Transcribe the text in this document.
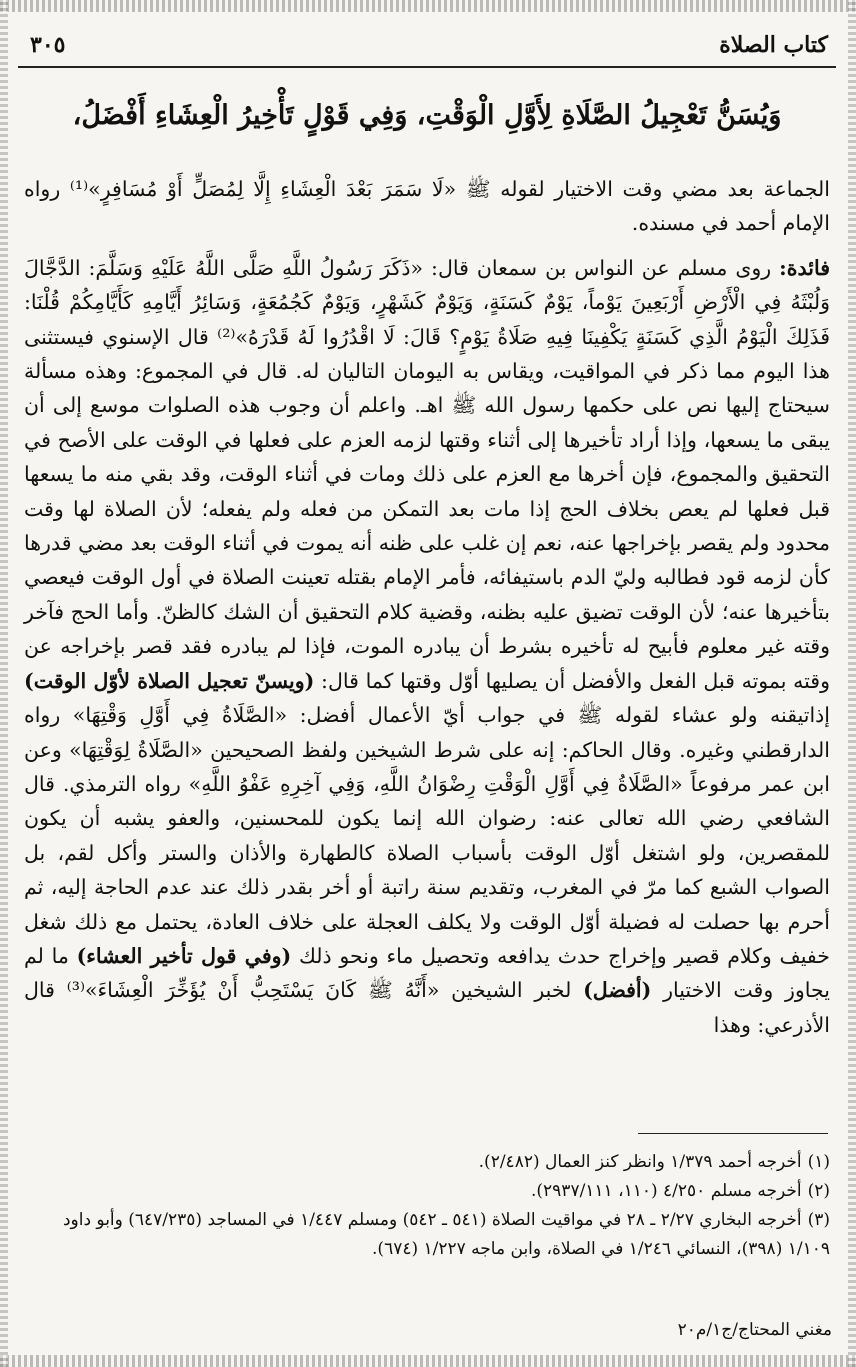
كتاب الصلاة
٣٠٥
وَيُسَنُّ تَعْجِيلُ الصَّلَاةِ لِأَوَّلِ الْوَقْتِ، وَفِي قَوْلٍ تَأْخِيرُ الْعِشَاءِ أَفْضَلُ،

الجماعة بعد مضي وقت الاختيار لقوله ﷺ «لَا سَمَرَ بَعْدَ الْعِشَاءِ إِلَّا لِمُصَلٍّ أَوْ مُسَافِرٍ»⁽¹⁾ رواه الإمام أحمد في مسنده.

فائدة: روى مسلم عن النواس بن سمعان قال: «ذَكَرَ رَسُولُ اللَّهِ صَلَّى اللَّهُ عَلَيْهِ وَسَلَّمَ: الدَّجَّالَ وَلُبْثَهُ فِي الْأَرْضِ أَرْبَعِينَ يَوْماً، يَوْمٌ كَسَنَةٍ، وَيَوْمٌ كَشَهْرٍ، وَيَوْمٌ كَجُمُعَةٍ، وَسَائِرُ أَيَّامِهِ كَأَيَّامِكُمْ قُلْنَا: فَذَلِكَ الْيَوْمُ الَّذِي كَسَنَةٍ يَكْفِينَا فِيهِ صَلَاةُ يَوْمٍ؟ قَالَ: لَا اقْدُرُوا لَهُ قَدْرَهُ»⁽²⁾ قال الإسنوي فيستثنى هذا اليوم مما ذكر في المواقيت، ويقاس به اليومان التاليان له. قال في المجموع: وهذه مسألة سيحتاج إليها نص على حكمها رسول الله ﷺ اهـ. واعلم أن وجوب هذه الصلوات موسع إلى أن يبقى ما يسعها، وإذا أراد تأخيرها إلى أثناء وقتها لزمه العزم على فعلها في الوقت على الأصح في التحقيق والمجموع، فإن أخرها مع العزم على ذلك ومات في أثناء الوقت، وقد بقي منه ما يسعها قبل فعلها لم يعص بخلاف الحج إذا مات بعد التمكن من فعله ولم يفعله؛ لأن الصلاة لها وقت محدود ولم يقصر بإخراجها عنه، نعم إن غلب على ظنه أنه يموت في أثناء الوقت بعد مضي قدرها كأن لزمه قود فطالبه وليّ الدم باستيفائه، فأمر الإمام بقتله تعينت الصلاة في أول الوقت فيعصي بتأخيرها عنه؛ لأن الوقت تضيق عليه بظنه، وقضية كلام التحقيق أن الشك كالظنّ. وأما الحج فآخر وقته غير معلوم فأبيح له تأخيره بشرط أن يبادره الموت، فإذا لم يبادره فقد قصر بإخراجه عن وقته بموته قبل الفعل والأفضل أن يصليها أوّل وقتها كما قال: (ويسنّ تعجيل الصلاة لأوّل الوقت) إذاتيقنه ولو عشاء لقوله ﷺ في جواب أيّ الأعمال أفضل: «الصَّلَاةُ فِي أَوَّلِ وَقْتِهَا» رواه الدارقطني وغيره. وقال الحاكم: إنه على شرط الشيخين ولفظ الصحيحين «الصَّلَاةُ لِوَقْتِهَا» وعن ابن عمر مرفوعاً «الصَّلَاةُ فِي أَوَّلِ الْوَقْتِ رِضْوَانُ اللَّهِ، وَفِي آخِرِهِ عَفْوُ اللَّهِ» رواه الترمذي. قال الشافعي رضي الله تعالى عنه: رضوان الله إنما يكون للمحسنين، والعفو يشبه أن يكون للمقصرين، ولو اشتغل أوّل الوقت بأسباب الصلاة كالطهارة والأذان والستر وأكل لقم، بل الصواب الشبع كما مرّ في المغرب، وتقديم سنة راتبة أو أخر بقدر ذلك عند عدم الحاجة إليه، ثم أحرم بها حصلت له فضيلة أوّل الوقت ولا يكلف العجلة على خلاف العادة، يحتمل مع ذلك شغل خفيف وكلام قصير وإخراج حدث يدافعه وتحصيل ماء ونحو ذلك (وفي قول تأخير العشاء) ما لم يجاوز وقت الاختيار (أفضل) لخبر الشيخين «أَنَّهُ ﷺ كَانَ يَسْتَحِبُّ أَنْ يُؤَخِّرَ الْعِشَاءَ»⁽³⁾ قال الأذرعي: وهذا

(١)أخرجه أحمد ١/٣٧٩ وانظر كنز العمال (٢/٤٨٢).

(٢)أخرجه مسلم ٤/٢٥٠ (١١٠، ٢٩٣٧/١١١).

(٣)أخرجه البخاري ٢/٢٧ ـ ٢٨ في مواقيت الصلاة (٥٤١ ـ ٥٤٢) ومسلم ١/٤٤٧ في المساجد (٦٤٧/٢٣٥) وأبو داود ١/١٠٩ (٣٩٨)، النسائي ١/٢٤٦ في الصلاة، وابن ماجه ١/٢٢٧ (٦٧٤).

مغني المحتاج/ج١/م٢٠
